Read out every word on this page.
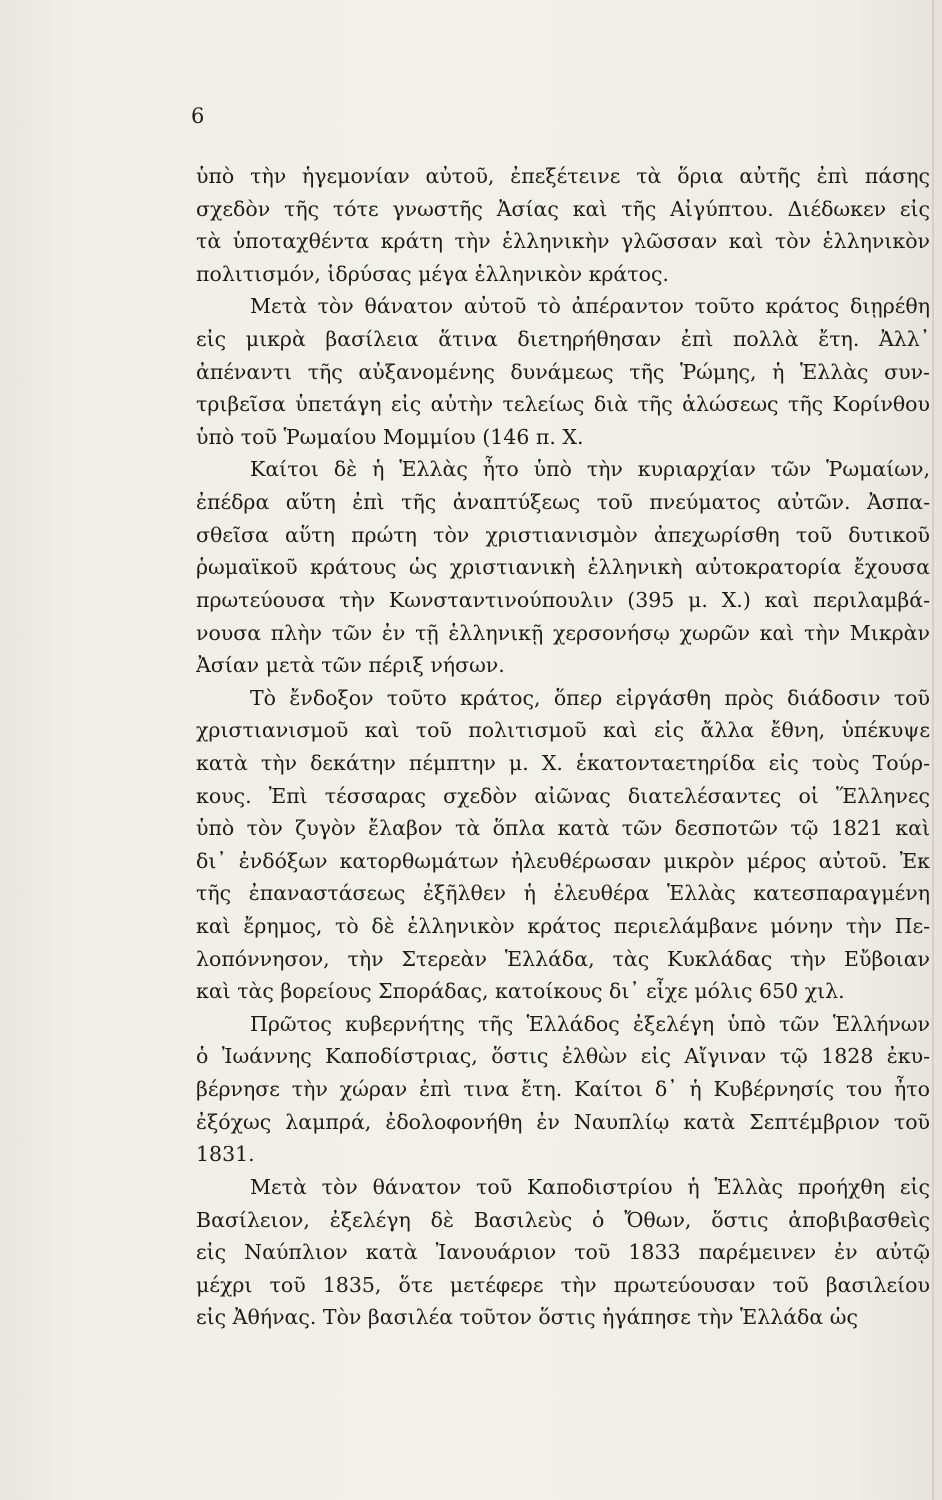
6
ὑπὸ τὴν ἡγεμονίαν αὐτοῦ, ἐπεξέτεινε τὰ ὅρια αὐτῆς ἐπὶ πάσης
σχεδὸν τῆς τότε γνωστῆς Ἀσίας καὶ τῆς Αἰγύπτου. Διέδωκεν εἰς
τὰ ὑποταχθέντα κράτη τὴν ἑλληνικὴν γλῶσσαν καὶ τὸν ἑλληνικὸν
πολιτισμόν, ἱδρύσας μέγα ἑλληνικὸν κράτος.
Μετὰ τὸν θάνατον αὐτοῦ τὸ ἀπέραντον τοῦτο κράτος διῃρέθη
εἰς μικρὰ βασίλεια ἅτινα διετηρήθησαν ἐπὶ πολλὰ ἔτη. Ἀλλ᾽
ἀπέναντι τῆς αὐξανομένης δυνάμεως τῆς Ῥώμης, ἡ Ἑλλὰς συν-
τριβεῖσα ὑπετάγη εἰς αὐτὴν τελείως διὰ τῆς ἁλώσεως τῆς Κορίνθου
ὑπὸ τοῦ Ῥωμαίου Μομμίου (146 π. Χ.
Καίτοι δὲ ἡ Ἑλλὰς ἦτο ὑπὸ τὴν κυριαρχίαν τῶν Ῥωμαίων,
ἐπέδρα αὕτη ἐπὶ τῆς ἀναπτύξεως τοῦ πνεύματος αὐτῶν. Ἀσπα-
σθεῖσα αὕτη πρώτη τὸν χριστιανισμὸν ἀπεχωρίσθη τοῦ δυτικοῦ
ῥωμαϊκοῦ κράτους ὡς χριστιανικὴ ἑλληνικὴ αὐτοκρατορία ἔχουσα
πρωτεύουσα τὴν Κωνσταντινούπουλιν (395 μ. Χ.) καὶ περιλαμβά-
νουσα πλὴν τῶν ἐν τῇ ἑλληνικῇ χερσονήσῳ χωρῶν καὶ τὴν Μικρὰν
Ἀσίαν μετὰ τῶν πέριξ νήσων.
Τὸ ἔνδοξον τοῦτο κράτος, ὅπερ εἰργάσθη πρὸς διάδοσιν τοῦ
χριστιανισμοῦ καὶ τοῦ πολιτισμοῦ καὶ εἰς ἄλλα ἔθνη, ὑπέκυψε
κατὰ τὴν δεκάτην πέμπτην μ. Χ. ἑκατονταετηρίδα εἰς τοὺς Τούρ-
κους. Ἐπὶ τέσσαρας σχεδὸν αἰῶνας διατελέσαντες οἱ Ἕλληνες
ὑπὸ τὸν ζυγὸν ἔλαβον τὰ ὅπλα κατὰ τῶν δεσποτῶν τῷ 1821 καὶ
δι᾽ ἐνδόξων κατορθωμάτων ἠλευθέρωσαν μικρὸν μέρος αὐτοῦ. Ἐκ
τῆς ἐπαναστάσεως ἐξῆλθεν ἡ ἐλευθέρα Ἑλλὰς κατεσπαραγμένη
καὶ ἔρημος, τὸ δὲ ἑλληνικὸν κράτος περιελάμβανε μόνην τὴν Πε-
λοπόννησον, τὴν Στερεὰν Ἑλλάδα, τὰς Κυκλάδας τὴν Εὔβοιαν
καὶ τὰς βορείους Σποράδας, κατοίκους δι᾽ εἶχε μόλις 650 χιλ.
Πρῶτος κυβερνήτης τῆς Ἑλλάδος ἐξελέγη ὑπὸ τῶν Ἑλλήνων
ὁ Ἰωάννης Καποδίστριας, ὅστις ἐλθὼν εἰς Αἴγιναν τῷ 1828 ἐκυ-
βέρνησε τὴν χώραν ἐπὶ τινα ἔτη. Καίτοι δ᾽ ἡ Κυβέρνησίς του ἦτο
ἐξόχως λαμπρά, ἐδολοφονήθη ἐν Ναυπλίῳ κατὰ Σεπτέμβριον τοῦ
1831.
Μετὰ τὸν θάνατον τοῦ Καποδιστρίου ἡ Ἑλλὰς προήχθη εἰς
Βασίλειον, ἐξελέγη δὲ Βασιλεὺς ὁ Ὄθων, ὅστις ἀποβιβασθεὶς
εἰς Ναύπλιον κατὰ Ἰανουάριον τοῦ 1833 παρέμεινεν ἐν αὐτῷ
μέχρι τοῦ 1835, ὅτε μετέφερε τὴν πρωτεύουσαν τοῦ βασιλείου
εἰς Ἀθήνας. Τὸν βασιλέα τοῦτον ὅστις ἠγάπησε τὴν Ἑλλάδα ὡς
